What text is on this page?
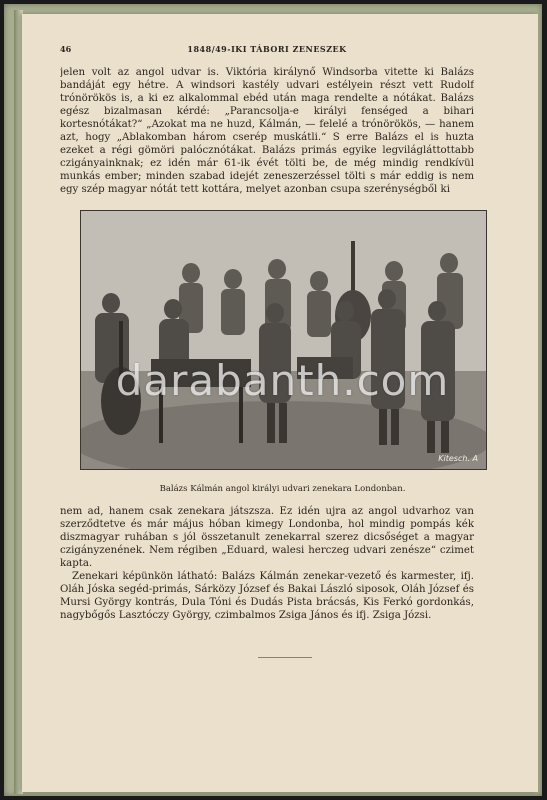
46	1848/49-IKI TÁBORI ZENESZEK

jelen volt az angol udvar is. Viktória királynő Windsorba vitette ki Balázs bandáját egy hétre. A windsori kastély udvari estélyein részt vett Rudolf trónörökös is, a ki ez alkalommal ebéd után maga rendelte a nótákat. Balázs egész bizalmasan kérdé: „Parancsolja-e királyi fenséged a bihari kortesnótákat?“ „Azokat ma ne huzd, Kálmán, — felelé a trónörökös, — hanem azt, hogy „Ablakomban három cserép muskátli.“ S erre Balázs el is huzta ezeket a régi gömöri palócznótákat. Balázs primás egyike legvilágláttottabb czigányainknak; ez idén már 61-ik évét tölti be, de még mindig rendkívül munkás ember; minden szabad idejét zeneszerzéssel tölti s már eddig is nem egy szép magyar nótát tett kottára, melyet azonban csupa szerénységből ki

Kitesch. A
darabanth.com
Balázs Kálmán angol királyi udvari zenekara Londonban.

nem ad, hanem csak zenekara játszsza. Ez idén ujra az angol udvarhoz van szerződtetve és már május hóban kimegy Londonba, hol mindig pompás kék diszmagyar ruhában s jól összetanult zenekarral szerez dicsőséget a magyar czigányzenének. Nem régiben „Eduard, walesi herczeg udvari zenésze“ czimet kapta.

Zenekari képünkön látható: Balázs Kálmán zenekar-vezető és karmester, ifj. Oláh Jóska segéd-primás, Sárközy József és Bakai László siposok, Oláh József és Mursi György kontrás, Dula Tóni és Dudás Pista brácsás, Kis Ferkó gordonkás, nagybőgős Lasztóczy György, czimbalmos Zsiga János és ifj. Zsiga Józsi.
